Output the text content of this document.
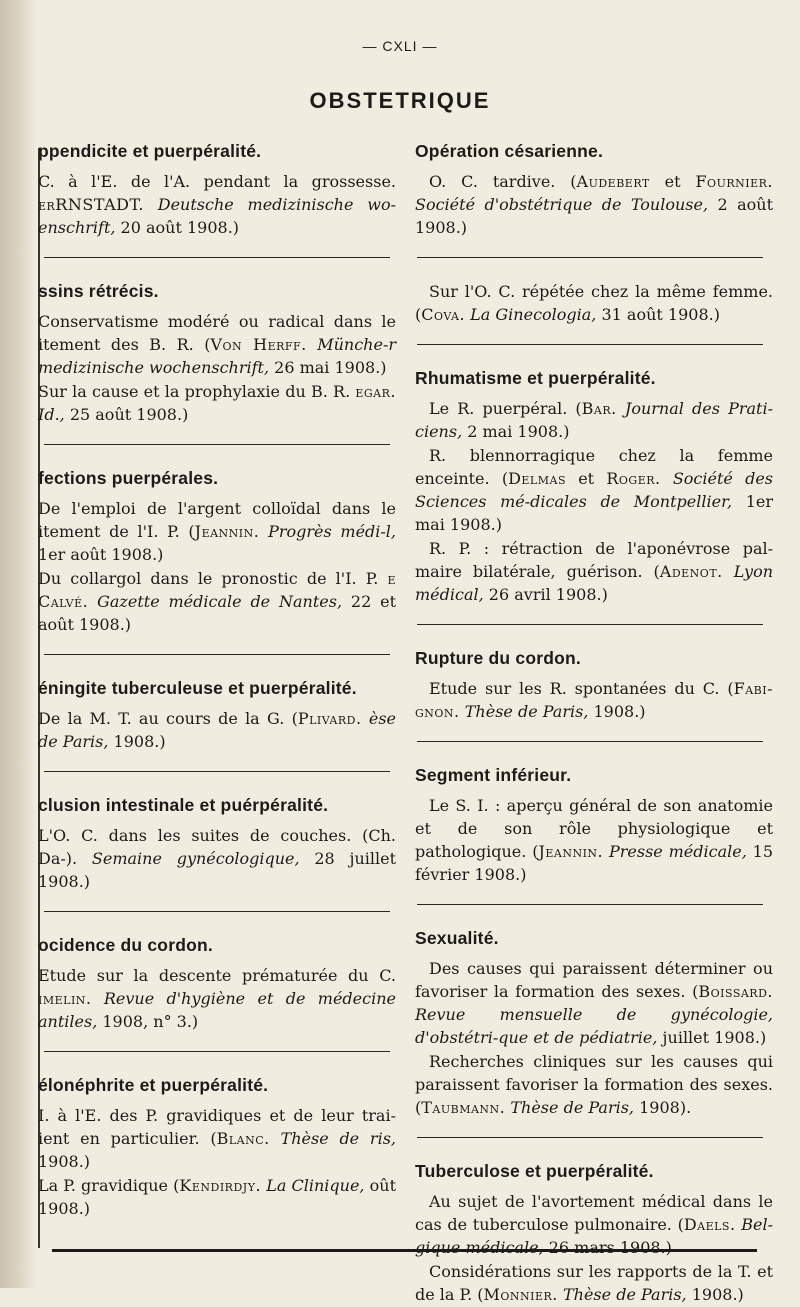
— CXLI —
OBSTETRIQUE
ppendicite et puerpéralité.

C. à l'E. de l'A. pendant la grossesse. erRNSTADT. Deutsche medizinische wo-enschrift, 20 août 1908.)

ssins rétrécis.

Conservatisme modéré ou radical dans le itement des B. R. (Von Herff. Münche-r medizinische wochenschrift, 26 mai 1908.)

Sur la cause et la prophylaxie du B. R. egar. Id., 25 août 1908.)

fections puerpérales.

De l'emploi de l'argent colloïdal dans le itement de l'I. P. (Jeannin. Progrès médi-l, 1er août 1908.)

Du collargol dans le pronostic de l'I. P. e Calvé. Gazette médicale de Nantes, 22 et août 1908.)

éningite tuberculeuse et puerpéralité.

De la M. T. au cours de la G. (Plivard. èse de Paris, 1908.)

clusion intestinale et puérpéralité.

L'O. C. dans les suites de couches. (Ch. Da-). Semaine gynécologique, 28 juillet 1908.)

ocidence du cordon.

Etude sur la descente prématurée du C. imelin. Revue d'hygiène et de médecine antiles, 1908, n° 3.)

élonéphrite et puerpéralité.

I. à l'E. des P. gravidiques et de leur trai-ient en particulier. (Blanc. Thèse de ris, 1908.)

La P. gravidique (Kendirdjy. La Clinique, oût 1908.)

Opération césarienne.

O. C. tardive. (Audebert et Fournier. Société d'obstétrique de Toulouse, 2 août 1908.)

Sur l'O. C. répétée chez la même femme. (Cova. La Ginecologia, 31 août 1908.)

Rhumatisme et puerpéralité.

Le R. puerpéral. (Bar. Journal des Prati-ciens, 2 mai 1908.)

R. blennorragique chez la femme enceinte. (Delmas et Roger. Société des Sciences mé-dicales de Montpellier, 1er mai 1908.)

R. P. : rétraction de l'aponévrose pal-maire bilatérale, guérison. (Adenot. Lyon médical, 26 avril 1908.)

Rupture du cordon.

Etude sur les R. spontanées du C. (Fabi-gnon. Thèse de Paris, 1908.)

Segment inférieur.

Le S. I. : aperçu général de son anatomie et de son rôle physiologique et pathologique. (Jeannin. Presse médicale, 15 février 1908.)

Sexualité.

Des causes qui paraissent déterminer ou favoriser la formation des sexes. (Boissard. Revue mensuelle de gynécologie, d'obstétri-que et de pédiatrie, juillet 1908.)

Recherches cliniques sur les causes qui paraissent favoriser la formation des sexes. (Taubmann. Thèse de Paris, 1908).

Tuberculose et puerpéralité.

Au sujet de l'avortement médical dans le cas de tuberculose pulmonaire. (Daels. Bel-gique médicale, 26 mars 1908.)

Considérations sur les rapports de la T. et de la P. (Monnier. Thèse de Paris, 1908.)
